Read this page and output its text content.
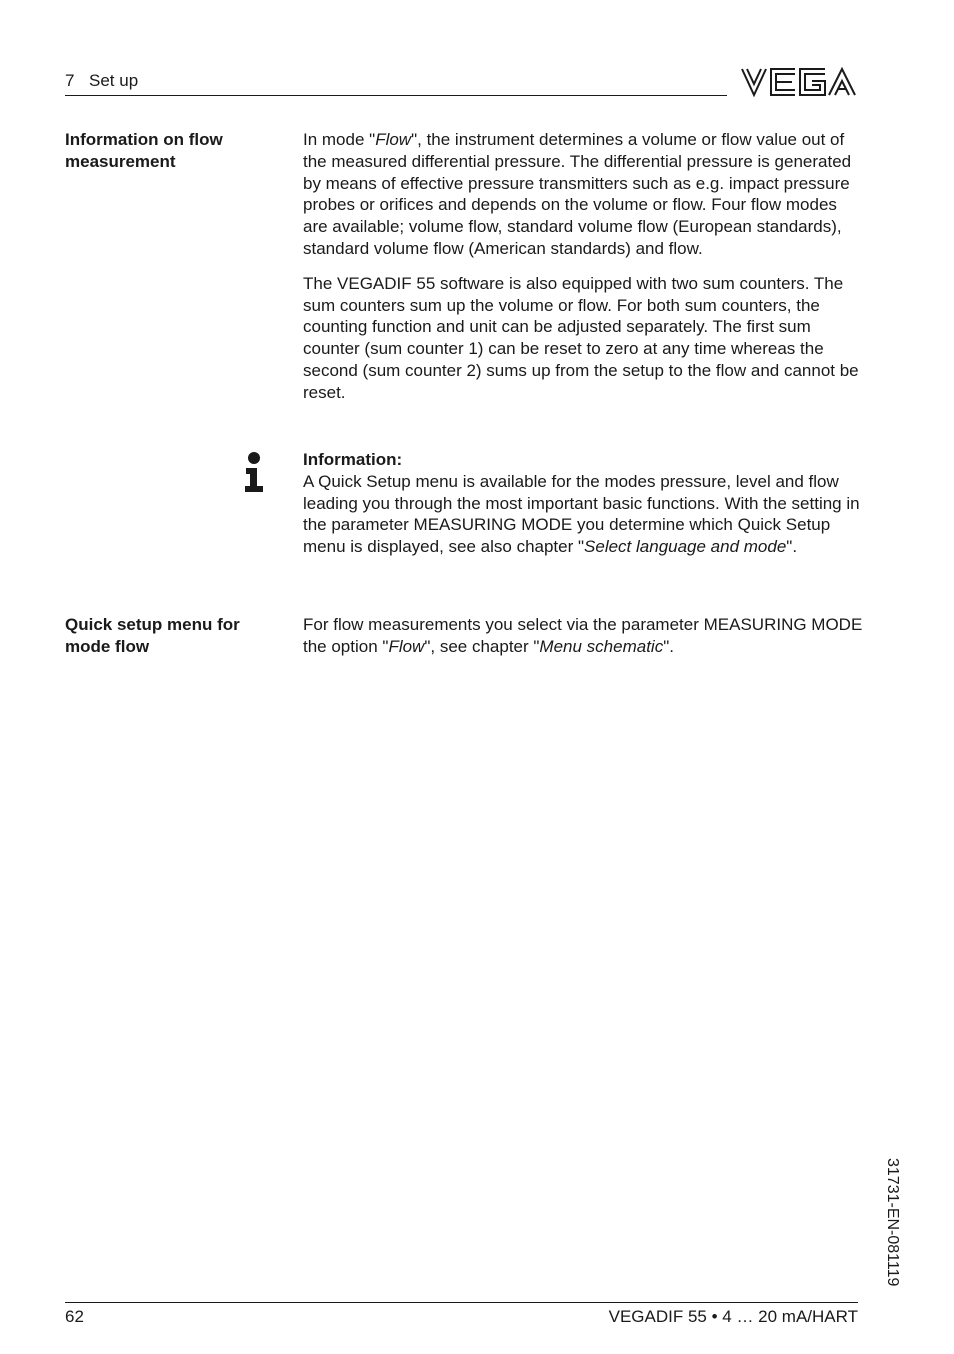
7 Set up
Information on flow
measurement

In mode "Flow", the instrument determines a volume or flow value out of the measured differential pressure. The differential pressure is generated by means of effective pressure transmitters such as e.g. impact pressure probes or orifices and depends on the volume or flow. Four flow modes are available; volume flow, standard volume flow (European standards), standard volume flow (American standards) and flow.

The VEGADIF 55 software is also equipped with two sum counters. The sum counters sum up the volume or flow. For both sum counters, the counting function and unit can be adjusted separately. The first sum counter (sum counter 1) can be reset to zero at any time whereas the second (sum counter 2) sums up from the setup to the flow and cannot be reset.

Information:

A Quick Setup menu is available for the modes pressure, level and flow leading you through the most important basic functions. With the setting in the parameter MEASURING MODE you determine which Quick Setup menu is displayed, see also chapter "Select language and mode".

Quick setup menu for
mode flow

For flow measurements you select via the parameter MEASURING MODE the option "Flow", see chapter "Menu schematic".

31731-EN-081119
62	VEGADIF 55 • 4 … 20 mA/HART
